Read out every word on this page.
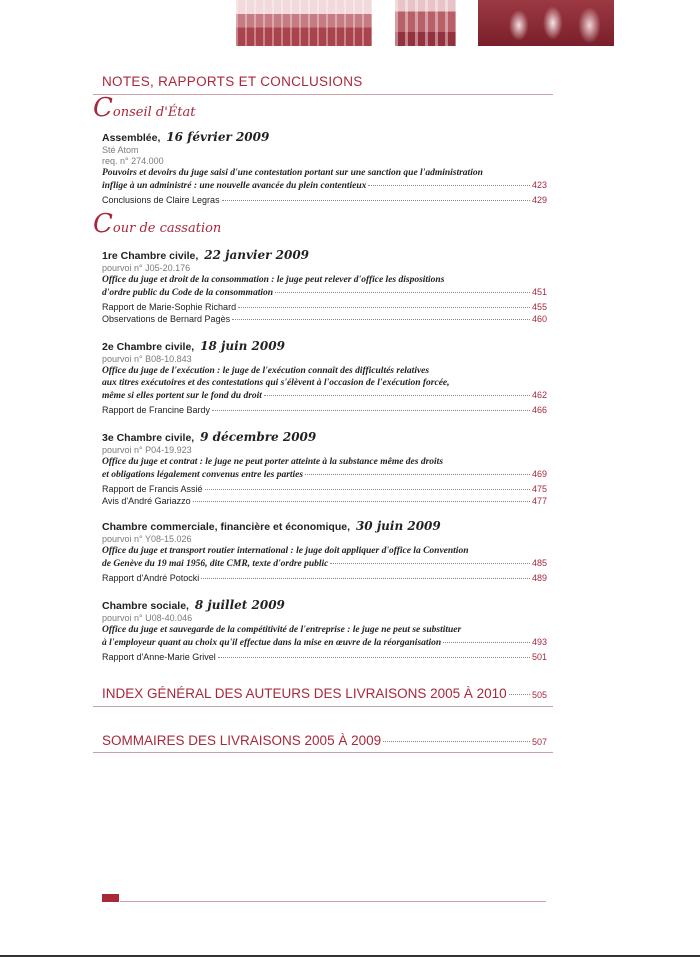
NOTES, RAPPORTS ET CONCLUSIONS
Conseil d'État
Assemblée, 16 février 2009
Sté Atom
req. n° 274.000
Pouvoirs et devoirs du juge saisi d'une contestation portant sur une sanction que l'administration
inflige à un administré : une nouvelle avancée du plein contentieux	423
Conclusions de Claire Legras	429
Cour de cassation
1re Chambre civile, 22 janvier 2009
pourvoi n° J05-20.176
Office du juge et droit de la consommation : le juge peut relever d'office les dispositions
d'ordre public du Code de la consommation	451
Rapport de Marie-Sophie Richard	455
Observations de Bernard Pagès	460
2e Chambre civile, 18 juin 2009
pourvoi n° B08-10.843
Office du juge de l'exécution : le juge de l'exécution connaît des difficultés relatives
aux titres exécutoires et des contestations qui s'élèvent à l'occasion de l'exécution forcée,
même si elles portent sur le fond du droit	462
Rapport de Francine Bardy	466
3e Chambre civile, 9 décembre 2009
pourvoi n° P04-19.923
Office du juge et contrat : le juge ne peut porter atteinte à la substance même des droits
et obligations légalement convenus entre les parties	469
Rapport de Francis Assié	475
Avis d'André Gariazzo	477
Chambre commerciale, financière et économique, 30 juin 2009
pourvoi n° Y08-15.026
Office du juge et transport routier international : le juge doit appliquer d'office la Convention
de Genève du 19 mai 1956, dite CMR, texte d'ordre public	485
Rapport d'André Potocki	489
Chambre sociale, 8 juillet 2009
pourvoi n° U08-40.046
Office du juge et sauvegarde de la compétitivité de l'entreprise : le juge ne peut se substituer
à l'employeur quant au choix qu'il effectue dans la mise en œuvre de la réorganisation	493
Rapport d'Anne-Marie Grivel	501
INDEX GÉNÉRAL DES AUTEURS DES LIVRAISONS 2005 À 2010	505
SOMMAIRES DES LIVRAISONS 2005 À 2009	507
